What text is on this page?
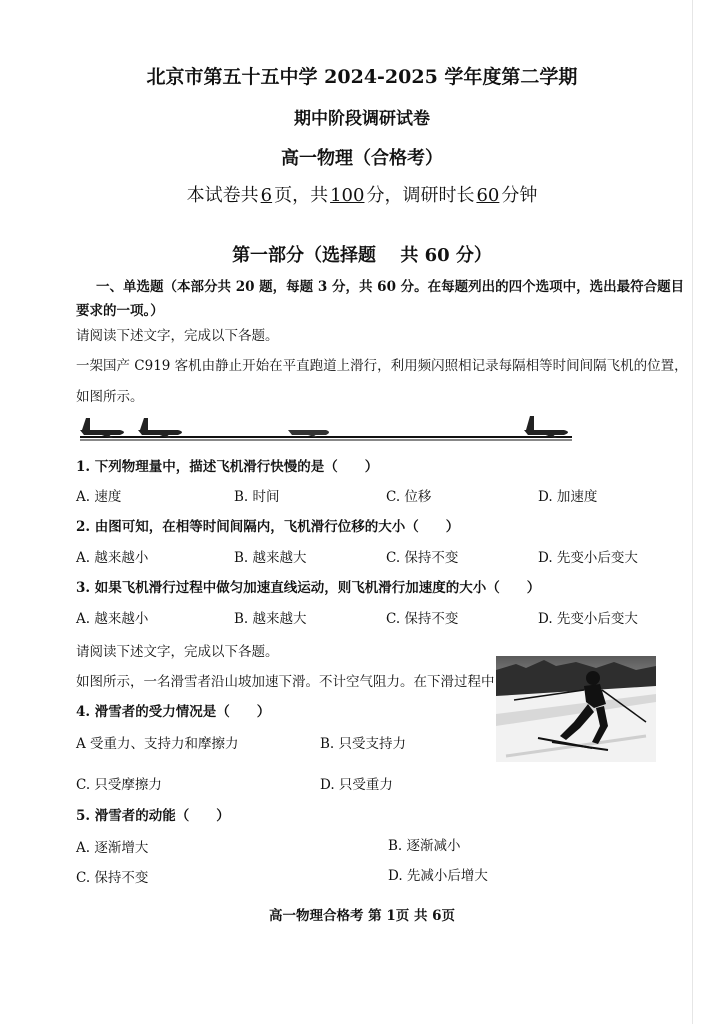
北京市第五十五中学 2024-2025 学年度第二学期
期中阶段调研试卷
高一物理（合格考）
本试卷共 6 页，共 100 分，调研时长 60 分钟
第一部分（选择题　 共 60 分）
一、单选题（本部分共 20 题，每题 3 分，共 60 分。在每题列出的四个选项中，选出最符合题目
要求的一项。）
请阅读下述文字，完成以下各题。
一架国产 C919 客机由静止开始在平直跑道上滑行，利用频闪照相记录每隔相等时间间隔飞机的位置，
如图所示。
1. 下列物理量中，描述飞机滑行快慢的是（　　）
A. 速度	B. 时间	C. 位移	D. 加速度
2. 由图可知，在相等时间间隔内，飞机滑行位移的大小（　　）
A. 越来越小	B. 越来越大	C. 保持不变	D. 先变小后变大
3. 如果飞机滑行过程中做匀加速直线运动，则飞机滑行加速度的大小（　　）
A. 越来越小	B. 越来越大	C. 保持不变	D. 先变小后变大
请阅读下述文字，完成以下各题。
如图所示，一名滑雪者沿山坡加速下滑。不计空气阻力。在下滑过程中
4. 滑雪者的受力情况是（　　）
A 受重力、支持力和摩擦力	B. 只受支持力
C. 只受摩擦力	D. 只受重力
5. 滑雪者的动能（　　）
A. 逐渐增大	B. 逐渐减小
C. 保持不变	D. 先减小后增大
高一物理合格考 第 1页 共 6页
